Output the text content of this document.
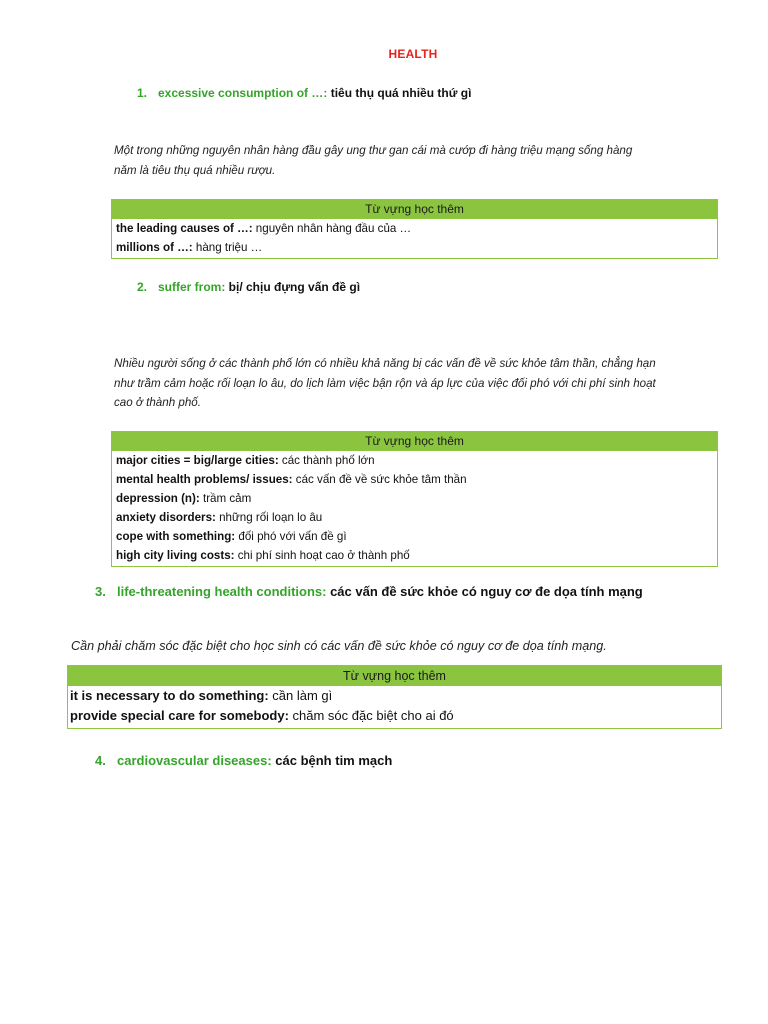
HEALTH
1. excessive consumption of …: tiêu thụ quá nhiều thứ gì
Một trong những nguyên nhân hàng đầu gây ung thư gan cái mà cướp đi hàng triệu mạng sống hàng
năm là tiêu thụ quá nhiều rượu.
Từ vựng học thêm
the leading causes of …: nguyên nhân hàng đầu của …
millions of …: hàng triệu …
2. suffer from: bị/ chịu đựng vấn đề gì
Nhiều người sống ở các thành phố lớn có nhiều khả năng bị các vấn đề về sức khỏe tâm thần, chẳng hạn
như trầm cảm hoặc rối loạn lo âu, do lịch làm việc bận rộn và áp lực của việc đối phó với chi phí sinh hoạt
cao ở thành phố.
Từ vựng học thêm
major cities = big/large cities: các thành phố lớn
mental health problems/ issues: các vấn đề về sức khỏe tâm thần
depression (n): trầm cảm
anxiety disorders: những rối loạn lo âu
cope with something: đối phó với vấn đề gì
high city living costs: chi phí sinh hoạt cao ở thành phố
3. life-threatening health conditions: các vấn đề sức khỏe có nguy cơ đe dọa tính mạng
Cần phải chăm sóc đặc biệt cho học sinh có các vấn đề sức khỏe có nguy cơ đe dọa tính mạng.
Từ vựng học thêm
it is necessary to do something: cần làm gì
provide special care for somebody: chăm sóc đặc biệt cho ai đó
4. cardiovascular diseases: các bệnh tim mạch
